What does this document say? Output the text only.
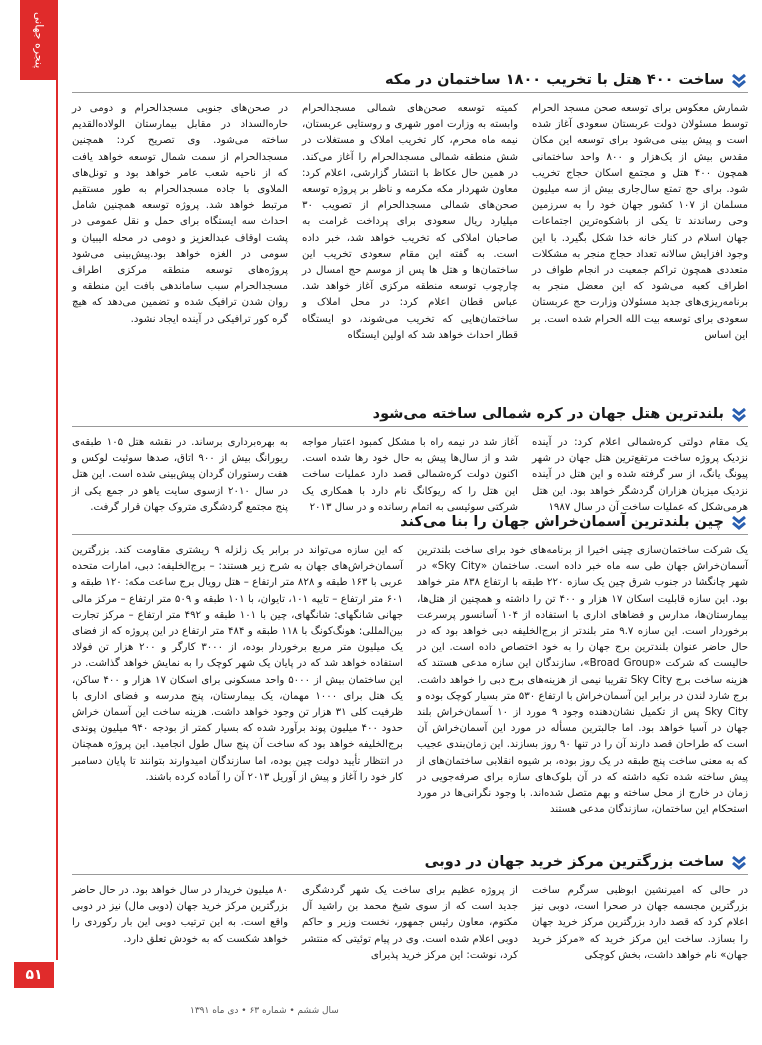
پنجره جهانی
۵۱
سال ششم • شماره ۶۳ • دی ماه ۱۳۹۱
ساخت ۴۰۰ هتل با تخریب ۱۸۰۰ ساختمان در مکه

شمارش معکوس برای توسعه صحن مسجد الحرام توسط مسئولان دولت عربستان سعودی آغاز شده است و پیش بینی می‌شود برای توسعه این مکان مقدس بیش از یک‌هزار و ۸۰۰ واحد ساختمانی همچون ۴۰۰ هتل و مجتمع اسکان حجاج تخریب شود. برای حج تمتع سال‌جاری بیش از سه میلیون مسلمان از ۱۰۷ کشور جهان خود را به سرزمین وحی رساندند تا یکی از باشکوه‌ترین اجتماعات جهان اسلام در کنار خانه خدا شکل بگیرد. با این وجود افزایش سالانه تعداد حجاج منجر به مشکلات متعددی همچون تراکم جمعیت در انجام طواف در اطراف کعبه می‌شود که این معضل منجر به برنامه‌ریزی‌های جدید مسئولان وزارت حج عربستان سعودی برای توسعه بیت الله الحرام شده است. بر این اساس

کمیته توسعه صحن‌های شمالی مسجدالحرام وابسته به وزارت امور شهری و روستایی عربستان، نیمه ماه محرم، کار تخریب املاک و مستغلات در شش منطقه شمالی مسجدالحرام را آغاز می‌کند. در همین حال عکاظ با انتشار گزارشی، اعلام کرد: معاون شهردار مکه مکرمه و ناظر بر پروژه توسعه صحن‌های شمالی مسجدالحرام از تصویب ۳۰ میلیارد ریال سعودی برای پرداخت غرامت به صاحبان املاکی که تخریب خواهد شد، خبر داده است. به گفته این مقام سعودی تخریب این ساختمان‌ها و هتل ها پس از موسم حج امسال در چارچوب توسعه منطقه مرکزی آغاز خواهد شد. عباس قطان اعلام کرد: در محل املاک و ساختمان‌هایی که تخریب می‌شوند، دو ایستگاه قطار احداث خواهد شد که اولین ایستگاه

در صحن‌های جنوبی مسجدالحرام و دومی در حاره‌السداد در مقابل بیمارستان الولاده‌القدیم ساخته می‌شود. وی تصریح کرد: همچنین مسجدالحرام از سمت شمال توسعه خواهد یافت که از ناحیه شعب عامر خواهد بود و تونل‌های الملاوی با جاده مسجدالحرام به طور مستقیم مرتبط خواهد شد. پروژه توسعه همچنین شامل احداث سه ایستگاه برای حمل و نقل عمومی در پشت اوقاف عبدالعزیز و دومی در محله الیبیان و سومی در الغزه خواهد بود.پیش‌بینی می‌شود پروژه‌های توسعه منطقه مرکزی اطراف مسجدالحرام سبب ساماندهی بافت این منطقه و روان شدن ترافیک شده و تضمین می‌دهد که هیچ گره کور ترافیکی در آینده ایجاد نشود.

بلندترین هتل جهان در کره شمالی ساخته می‌شود

یک مقام دولتی کره‌شمالی اعلام کرد: در آینده نزدیک پروژه ساخت مرتفع‌ترین هتل جهان در شهر پیونگ یانگ، از سر گرفته شده و این هتل در آینده نزدیک میزبان هزاران گردشگر خواهد بود. این هتل هرمی‌شکل که عملیات ساخت آن در سال ۱۹۸۷

آغاز شد در نیمه راه با مشکل کمبود اعتبار مواجه شد و از سال‌ها پیش به حال خود رها شده است. اکنون دولت کره‌شمالی قصد دارد عملیات ساخت این هتل را که ریوکانگ نام دارد با همکاری یک شرکتی سوئیسی به اتمام رسانده و در سال ۲۰۱۳

به بهره‌برداری برساند. در نقشه هتل ۱۰۵ طبقه‌ی ریورانگ بیش از ۹۰۰ اتاق، صدها سوئیت لوکس و هفت رستوران گردان پیش‌بینی شده است. این هتل در سال ۲۰۱۰ ازسوی سایت یاهو در جمع یکی از پنج مجتمع گردشگری متروک جهان قرار گرفت.

چین بلندترین آسمان‌خراش جهان را بنا می‌کند

یک شرکت ساختمان‌سازی چینی اخیرا از برنامه‌های خود برای ساخت بلندترین آسمان‌خراش جهان طی سه ماه خبر داده است. ساختمان «Sky City» در شهر چانگشا در جنوب شرق چین یک سازه ۲۲۰ طبقه با ارتفاع ۸۳۸ متر خواهد بود. این سازه قابلیت اسکان ۱۷ هزار و ۴۰۰ تن را داشته و همچنین از هتل‌ها، بیمارستان‌ها، مدارس و فضاهای اداری با استفاده از ۱۰۴ آسانسور پرسرعت برخوردار است. این سازه ۹.۷ متر بلندتر از برج‌الخلیفه دبی خواهد بود که در حال حاضر عنوان بلندترین برج جهان را به خود اختصاص داده است. این در حالیست که شرکت «Broad Group»، سازندگان این سازه مدعی هستند که هزینه ساخت برج Sky City تقریبا نیمی از هزینه‌های برج دبی را خواهد داشت. برج شارد لندن در برابر این آسمان‌خراش با ارتفاع ۵۳۰ متر بسیار کوچک بوده و Sky City پس از تکمیل نشان‌دهنده وجود ۹ مورد از ۱۰ آسمان‌خراش بلند جهان در آسیا خواهد بود. اما جالبترین مسأله در مورد این آسمان‌خراش آن است که طراحان قصد دارند آن را در تنها ۹۰ روز بسازند. این زمان‌بندی عجیب که به معنی ساخت پنج طبقه در یک روز بوده، بر شیوه انقلابی ساختمان‌های از پیش ساخته شده تکیه داشته که در آن بلوک‌های سازه برای صرفه‌جویی در زمان در خارج از محل ساخته و بهم متصل شده‌اند. با وجود نگرانی‌ها در مورد استحکام این ساختمان، سازندگان مدعی هستند

که این سازه می‌تواند در برابر یک زلزله ۹ ریشتری مقاومت کند. بزرگترین آسمان‌خراش‌های جهان به شرح زیر هستند: – برج‌الخلیفه: دبی، امارات متحده عربی با ۱۶۳ طبقه و ۸۲۸ متر ارتفاع – هتل رویال برج ساعت مکه: ۱۲۰ طبقه و ۶۰۱ متر ارتفاع – تایپه ۱۰۱، تایوان، با ۱۰۱ طبقه و ۵۰۹ متر ارتفاع – مرکز مالی جهانی شانگهای: شانگهای، چین با ۱۰۱ طبقه و ۴۹۲ متر ارتفاع – مرکز تجارت بین‌المللی: هونگ‌کونگ با ۱۱۸ طبقه و ۴۸۴ متر ارتفاع در این پروژه که از فضای یک میلیون متر مربع برخوردار بوده، از ۳۰۰۰ کارگر و ۲۰۰ هزار تن فولاد استفاده خواهد شد که در پایان یک شهر کوچک را به نمایش خواهد گذاشت. در این ساختمان بیش از ۵۰۰۰ واحد مسکونی برای اسکان ۱۷ هزار و ۴۰۰ ساکن، یک هتل برای ۱۰۰۰ مهمان، یک بیمارستان، پنج مدرسه و فضای اداری با ظرفیت کلی ۳۱ هزار تن وجود خواهد داشت. هزینه ساخت این آسمان خراش حدود ۴۰۰ میلیون پوند برآورد شده که بسیار کمتر از بودجه ۹۴۰ میلیون پوندی برج‌الخلیفه خواهد بود که ساخت آن پنج سال طول انجامید. این پروژه همچنان در انتظار تأیید دولت چین بوده، اما سازندگان امیدوارند بتوانند تا پایان دسامبر کار خود را آغاز و پیش از آوریل ۲۰۱۳ آن را آماده کرده باشند.

ساخت بزرگترین مرکز خرید جهان در دوبی

در حالی که امیرنشین ابوظبی سرگرم ساخت بزرگترین مجسمه جهان در صحرا است، دوبی نیز اعلام کرد که قصد دارد بزرگترین مرکز خرید جهان را بسازد. ساخت این مرکز خرید که «مرکز خرید جهان» نام خواهد داشت، بخش کوچکی

از پروژه عظیم برای ساخت یک شهر گردشگری جدید است که از سوی شیخ محمد بن راشید آل مکتوم، معاون رئیس جمهور، نخست وزیر و حاکم دوبی اعلام شده است. وی در پیام توئیتی که منتشر کرد، نوشت: این مرکز خرید پذیرای

۸۰ میلیون خریدار در سال خواهد بود. در حال حاضر بزرگترین مرکز خرید جهان (دوبی مال) نیز در دوبی واقع است. به این ترتیب دوبی این بار رکوردی را خواهد شکست که به خودش تعلق دارد.
